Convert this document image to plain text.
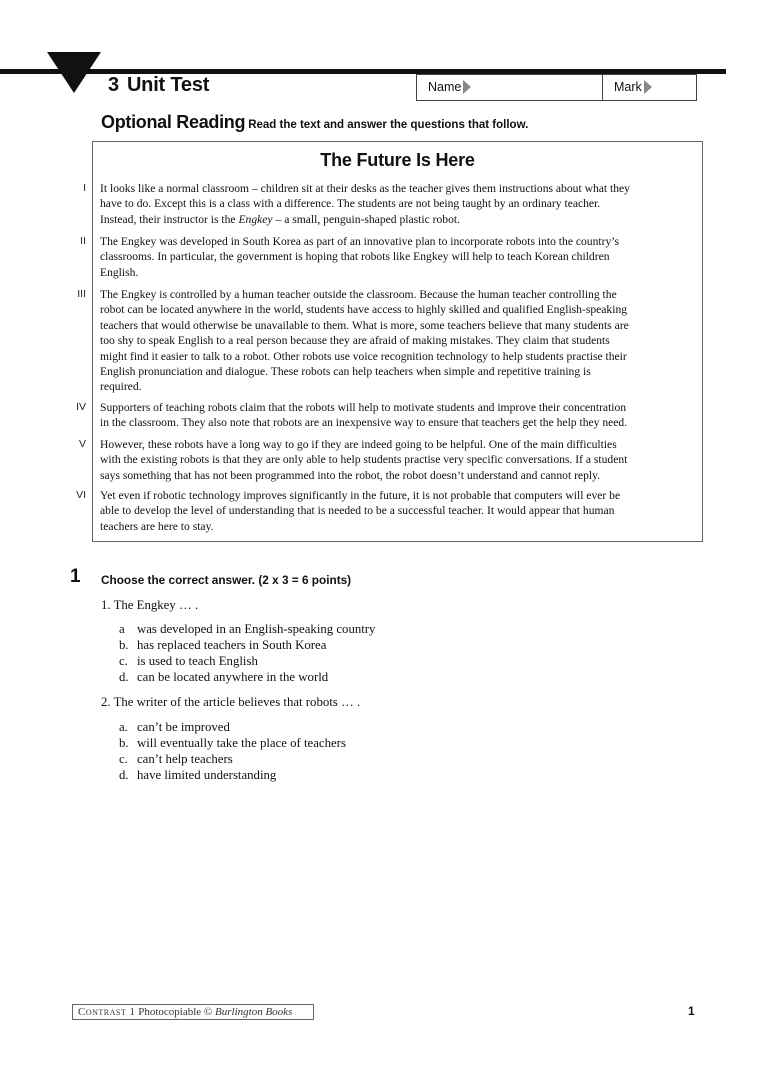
3 Unit Test	Name	Mark
Optional Reading Read the text and answer the questions that follow.
The Future Is Here
I It looks like a normal classroom – children sit at their desks as the teacher gives them instructions about what they
have to do. Except this is a class with a difference. The students are not being taught by an ordinary teacher.
Instead, their instructor is the Engkey – a small, penguin-shaped plastic robot.
II The Engkey was developed in South Korea as part of an innovative plan to incorporate robots into the country’s
classrooms. In particular, the government is hoping that robots like Engkey will help to teach Korean children
English.
III The Engkey is controlled by a human teacher outside the classroom. Because the human teacher controlling the
robot can be located anywhere in the world, students have access to highly skilled and qualified English-speaking
teachers that would otherwise be unavailable to them. What is more, some teachers believe that many students are
too shy to speak English to a real person because they are afraid of making mistakes. They claim that students
might find it easier to talk to a robot. Other robots use voice recognition technology to help students practise their
English pronunciation and dialogue. These robots can help teachers when simple and repetitive training is
required.
IV Supporters of teaching robots claim that the robots will help to motivate students and improve their concentration
in the classroom. They also note that robots are an inexpensive way to ensure that teachers get the help they need.
V However, these robots have a long way to go if they are indeed going to be helpful. One of the main difficulties
with the existing robots is that they are only able to help students practise very specific conversations. If a student
says something that has not been programmed into the robot, the robot doesn’t understand and cannot reply.
VI Yet even if robotic technology improves significantly in the future, it is not probable that computers will ever be
able to develop the level of understanding that is needed to be a successful teacher. It would appear that human
teachers are here to stay.
1 Choose the correct answer. (2 x 3 = 6 points)
1. The Engkey … .
a was developed in an English-speaking country
b. has replaced teachers in South Korea
c. is used to teach English
d. can be located anywhere in the world
2. The writer of the article believes that robots … .
a. can’t be improved
b. will eventually take the place of teachers
c. can’t help teachers
d. have limited understanding
Contrast 1 Photocopiable © Burlington Books	1
